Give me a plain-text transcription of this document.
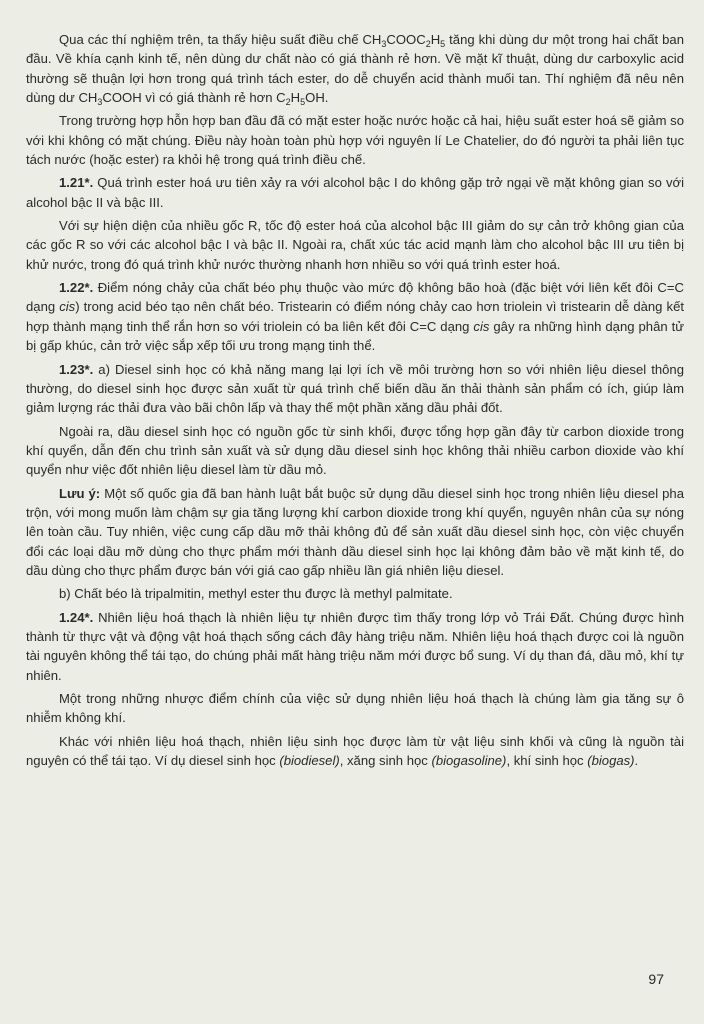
Qua các thí nghiệm trên, ta thấy hiệu suất điều chế $CH_3COOC_2H_5$ tăng khi dùng dư một trong hai chất ban đầu. Về khía cạnh kinh tế, nên dùng dư chất nào có giá thành rẻ hơn. Về mặt kĩ thuật, dùng dư carboxylic acid thường sẽ thuận lợi hơn trong quá trình tách ester, do dễ chuyển acid thành muối tan. Thí nghiệm đã nêu nên dùng dư $CH_3COOH$ vì có giá thành rẻ hơn $C_2H_5OH$.

Trong trường hợp hỗn hợp ban đầu đã có mặt ester hoặc nước hoặc cả hai, hiệu suất ester hoá sẽ giảm so với khi không có mặt chúng. Điều này hoàn toàn phù hợp với nguyên lí Le Chatelier, do đó người ta phải liên tục tách nước (hoặc ester) ra khỏi hệ trong quá trình điều chế.

1.21*. Quá trình ester hoá ưu tiên xảy ra với alcohol bậc I do không gặp trở ngại về mặt không gian so với alcohol bậc II và bậc III.

Với sự hiện diện của nhiều gốc R, tốc độ ester hoá của alcohol bậc III giảm do sự cản trở không gian của các gốc R so với các alcohol bậc I và bậc II. Ngoài ra, chất xúc tác acid mạnh làm cho alcohol bậc III ưu tiên bị khử nước, trong đó quá trình khử nước thường nhanh hơn nhiều so với quá trình ester hoá.

1.22*. Điểm nóng chảy của chất béo phụ thuộc vào mức độ không bão hoà (đặc biệt với liên kết đôi C=C dạng cis) trong acid béo tạo nên chất béo. Tristearin có điểm nóng chảy cao hơn triolein vì tristearin dễ dàng kết hợp thành mạng tinh thể rắn hơn so với triolein có ba liên kết đôi C=C dạng cis gây ra những hình dạng phân tử bị gấp khúc, cản trở việc sắp xếp tối ưu trong mạng tinh thể.

1.23*. a) Diesel sinh học có khả năng mang lại lợi ích về môi trường hơn so với nhiên liệu diesel thông thường, do diesel sinh học được sản xuất từ quá trình chế biến dầu ăn thải thành sản phẩm có ích, giúp làm giảm lượng rác thải đưa vào bãi chôn lấp và thay thế một phần xăng dầu phải đốt.

Ngoài ra, dầu diesel sinh học có nguồn gốc từ sinh khối, được tổng hợp gần đây từ carbon dioxide trong khí quyển, dẫn đến chu trình sản xuất và sử dụng dầu diesel sinh học không thải nhiều carbon dioxide vào khí quyển như việc đốt nhiên liệu diesel làm từ dầu mỏ.

Lưu ý: Một số quốc gia đã ban hành luật bắt buộc sử dụng dầu diesel sinh học trong nhiên liệu diesel pha trộn, với mong muốn làm chậm sự gia tăng lượng khí carbon dioxide trong khí quyển, nguyên nhân của sự nóng lên toàn cầu. Tuy nhiên, việc cung cấp dầu mỡ thải không đủ để sản xuất dầu diesel sinh học, còn việc chuyển đổi các loại dầu mỡ dùng cho thực phẩm mới thành dầu diesel sinh học lại không đảm bảo về mặt kinh tế, do dầu dùng cho thực phẩm được bán với giá cao gấp nhiều lần giá nhiên liệu diesel.

b) Chất béo là tripalmitin, methyl ester thu được là methyl palmitate.

1.24*. Nhiên liệu hoá thạch là nhiên liệu tự nhiên được tìm thấy trong lớp vỏ Trái Đất. Chúng được hình thành từ thực vật và động vật hoá thạch sống cách đây hàng triệu năm. Nhiên liệu hoá thạch được coi là nguồn tài nguyên không thể tái tạo, do chúng phải mất hàng triệu năm mới được bổ sung. Ví dụ than đá, dầu mỏ, khí tự nhiên.

Một trong những nhược điểm chính của việc sử dụng nhiên liệu hoá thạch là chúng làm gia tăng sự ô nhiễm không khí.

Khác với nhiên liệu hoá thạch, nhiên liệu sinh học được làm từ vật liệu sinh khối và cũng là nguồn tài nguyên có thể tái tạo. Ví dụ diesel sinh học (biodiesel), xăng sinh học (biogasoline), khí sinh học (biogas).

97
